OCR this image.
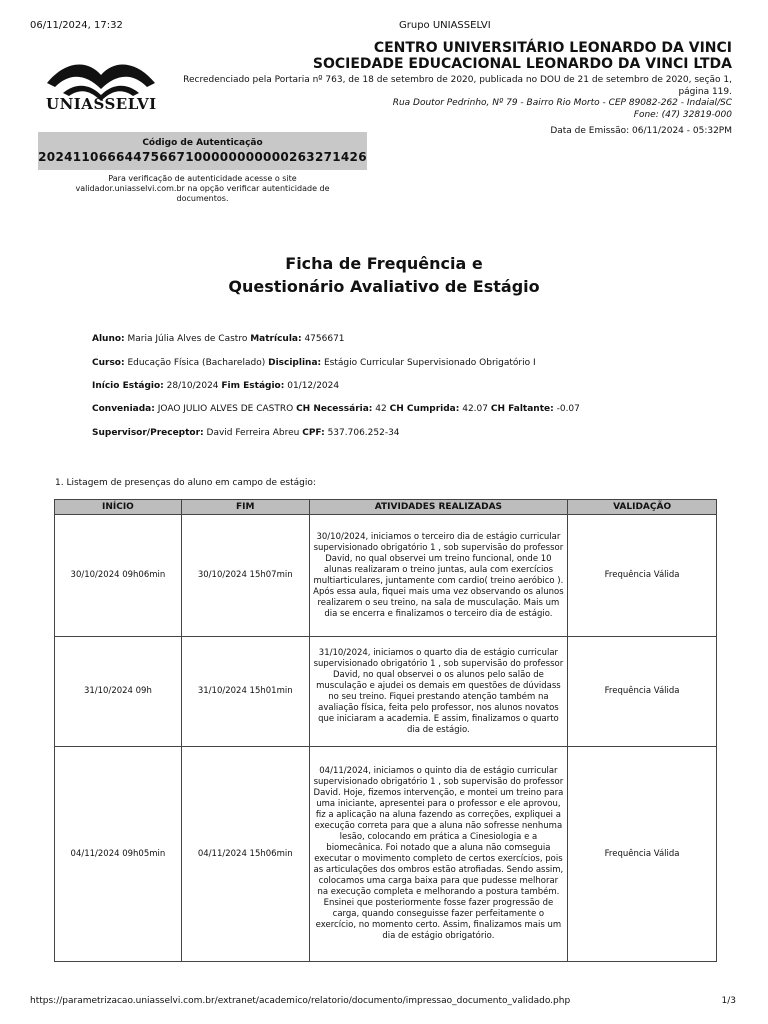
06/11/2024, 17:32	Grupo UNIASSELVI
UNIASSELVI
CENTRO UNIVERSITÁRIO LEONARDO DA VINCI
SOCIEDADE EDUCACIONAL LEONARDO DA VINCI LTDA
Recredenciado pela Portaria nº 763, de 18 de setembro de 2020, publicada no DOU de 21 de setembro de 2020, seção 1, página 119.
Rua Doutor Pedrinho, Nº 79 - Bairro Rio Morto - CEP 89082-262 - Indaial/SC
Fone: (47) 32819-000
Data de Emissão: 06/11/2024 - 05:32PM
Código de Autenticação
20241106664475667100000000000263271426
Para verificação de autenticidade acesse o site validador.uniasselvi.com.br na opção verificar autenticidade de documentos.
Ficha de Frequência e
Questionário Avaliativo de Estágio
Aluno: Maria Júlia Alves de Castro Matrícula: 4756671
Curso: Educação Física (Bacharelado) Disciplina: Estágio Curricular Supervisionado Obrigatório I
Início Estágio: 28/10/2024 Fim Estágio: 01/12/2024
Conveniada: JOAO JULIO ALVES DE CASTRO CH Necessária: 42 CH Cumprida: 42.07 CH Faltante: -0.07
Supervisor/Preceptor: David Ferreira Abreu CPF: 537.706.252-34
1. Listagem de presenças do aluno em campo de estágio:
INÍCIO	FIM	ATIVIDADES REALIZADAS	VALIDAÇÃO
30/10/2024 09h06min	30/10/2024 15h07min	30/10/2024, iniciamos o terceiro dia de estágio curricular supervisionado obrigatório 1 , sob supervisão do professor David, no qual observei um treino funcional, onde 10 alunas realizaram o treino juntas, aula com exercícios multiarticulares, juntamente com cardio( treino aeróbico ). Após essa aula, fiquei mais uma vez observando os alunos realizarem o seu treino, na sala de musculação. Mais um dia se encerra e finalizamos o terceiro dia de estágio.	Frequência Válida
31/10/2024 09h	31/10/2024 15h01min	31/10/2024, iniciamos o quarto dia de estágio curricular supervisionado obrigatório 1 , sob supervisão do professor David, no qual observei o os alunos pelo salão de musculação e ajudei os demais em questões de dúvidass no seu treino. Fiquei prestando atenção também na avaliação física, feita pelo professor, nos alunos novatos que iniciaram a academia. E assim, finalizamos o quarto dia de estágio.	Frequência Válida
04/11/2024 09h05min	04/11/2024 15h06min	04/11/2024, iniciamos o quinto dia de estágio curricular supervisionado obrigatório 1 , sob supervisão do professor David. Hoje, fizemos intervenção, e montei um treino para uma iniciante, apresentei para o professor e ele aprovou, fiz a aplicação na aluna fazendo as correções, expliquei a execução correta para que a aluna não sofresse nenhuma lesão, colocando em prática a Cinesiologia e a biomecânica. Foi notado que a aluna não comseguia executar o movimento completo de certos exercícios, pois as articulações dos ombros estão atrofiadas. Sendo assim, colocamos uma carga baixa para que pudesse melhorar na execução completa e melhorando a postura também. Ensinei que posteriormente fosse fazer progressão de carga, quando conseguisse fazer perfeitamente o exercício, no momento certo. Assim, finalizamos mais um dia de estágio obrigatório.	Frequência Válida
https://parametrizacao.uniasselvi.com.br/extranet/academico/relatorio/documento/impressao_documento_validado.php	1/3
